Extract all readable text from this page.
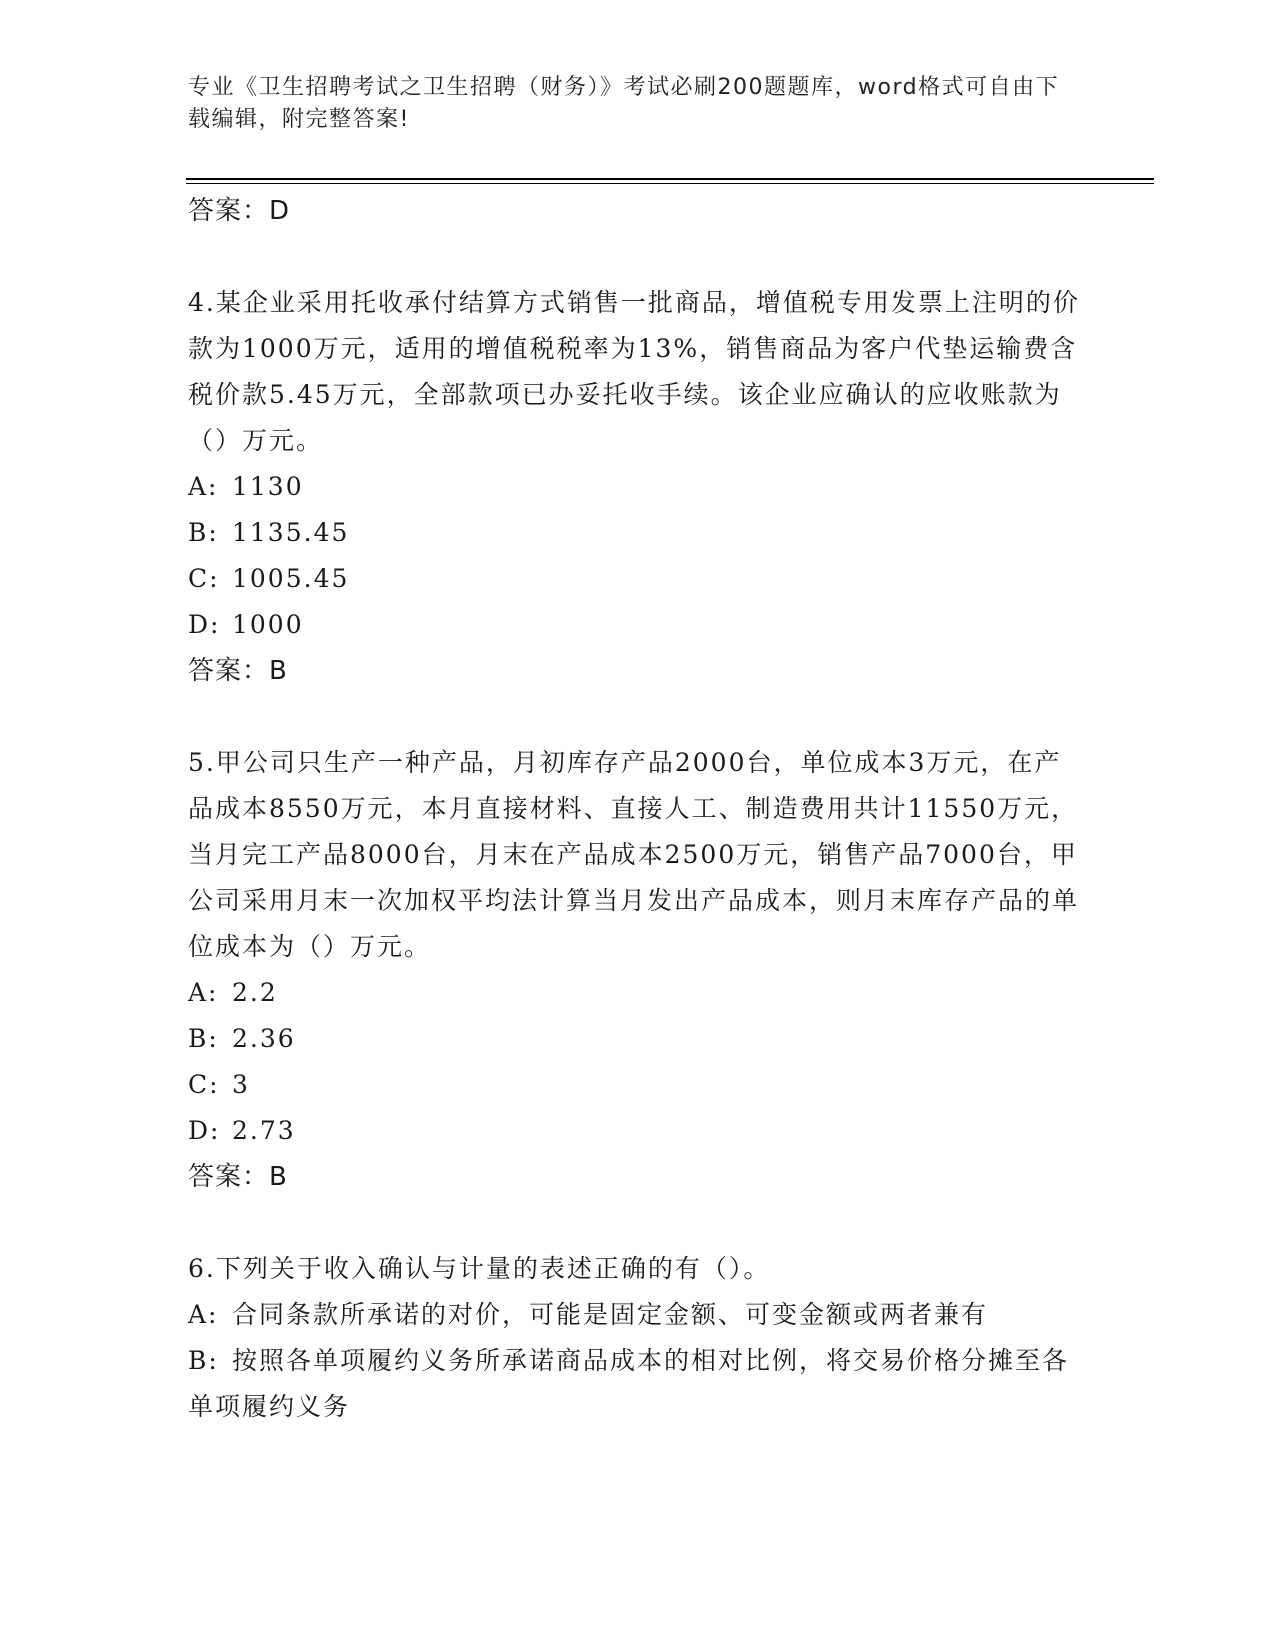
专业《卫生招聘考试之卫生招聘（财务）》考试必刷200题题库，word格式可自由下载编辑，附完整答案!

答案：D

4.某企业采用托收承付结算方式销售一批商品，增值税专用发票上注明的价款为1000万元，适用的增值税税率为13%，销售商品为客户代垫运输费含税价款5.45万元，全部款项已办妥托收手续。该企业应确认的应收账款为（）万元。

A: 1130

B: 1135.45

C: 1005.45

D: 1000

答案：B

5.甲公司只生产一种产品，月初库存产品2000台，单位成本3万元，在产品成本8550万元，本月直接材料、直接人工、制造费用共计11550万元，当月完工产品8000台，月末在产品成本2500万元，销售产品7000台，甲公司采用月末一次加权平均法计算当月发出产品成本，则月末库存产品的单位成本为（）万元。

A: 2.2

B: 2.36

C: 3

D: 2.73

答案：B

6.下列关于收入确认与计量的表述正确的有（）。

A: 合同条款所承诺的对价，可能是固定金额、可变金额或两者兼有

B: 按照各单项履约义务所承诺商品成本的相对比例，将交易价格分摊至各单项履约义务
